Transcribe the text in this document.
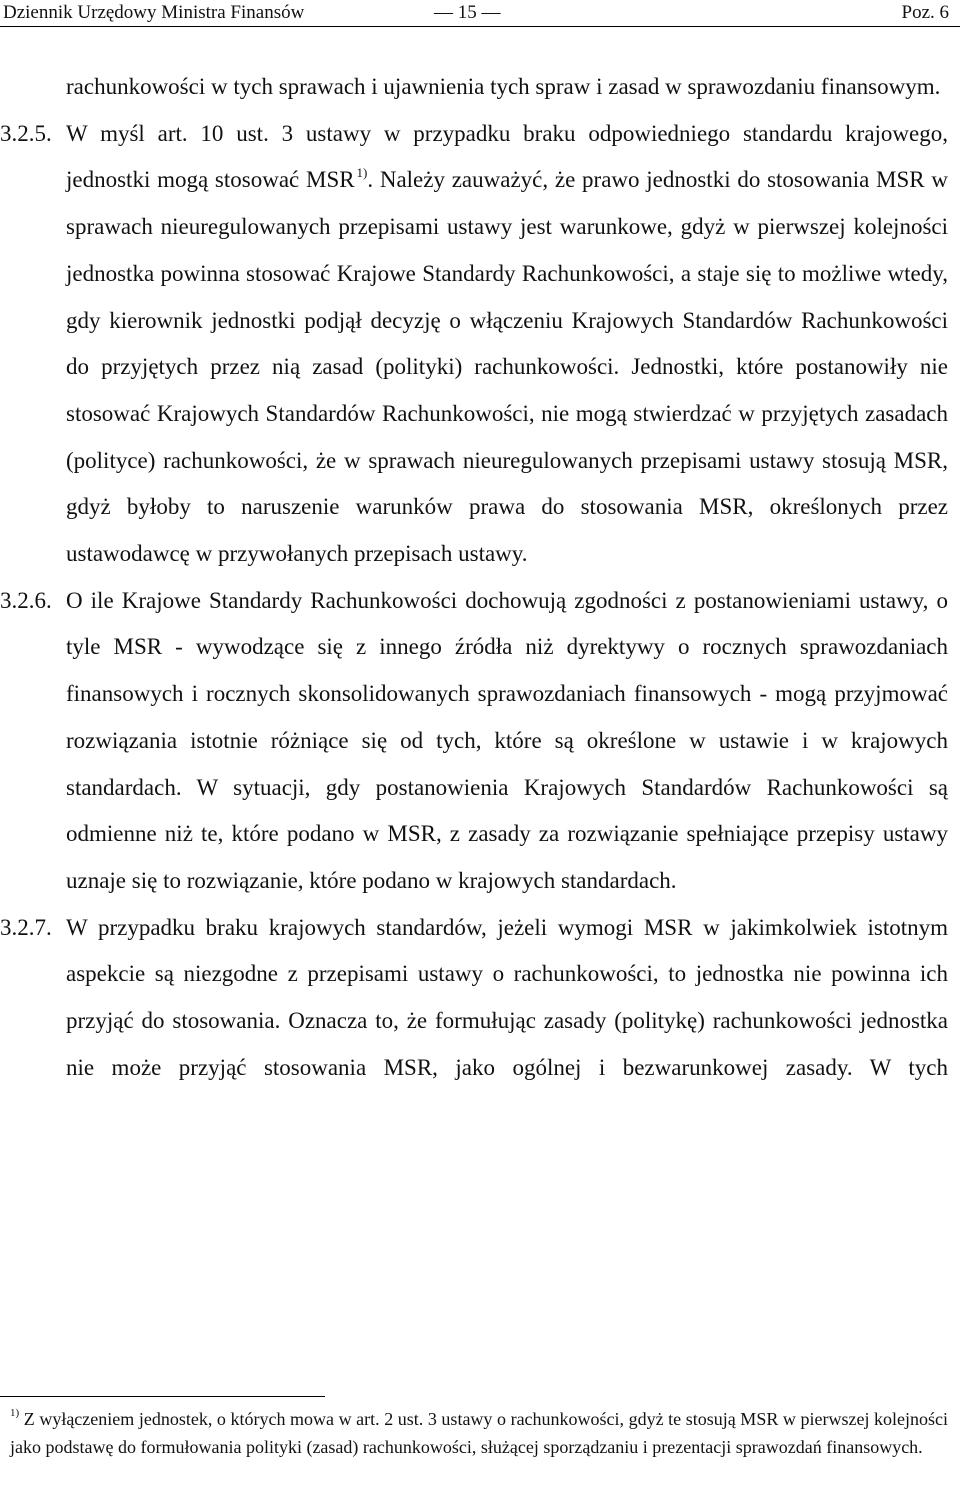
Dziennik Urzędowy Ministra Finansów	— 15 —	Poz. 6

rachunkowości w tych sprawach i ujawnienia tych spraw i zasad w sprawozdaniu finansowym.

3.2.5. W myśl art. 10 ust. 3 ustawy w przypadku braku odpowiedniego standardu krajowego, jednostki mogą stosować MSR  $^{1)}$. Należy zauważyć, że prawo jednostki do stosowania MSR w sprawach nieuregulowanych przepisami ustawy jest warunkowe, gdyż w pierwszej kolejności jednostka powinna stosować Krajowe Standardy Rachunkowości, a staje się to możliwe wtedy, gdy kierownik jednostki podjął decyzję o włączeniu Krajowych Standardów Rachunkowości do przyjętych przez nią zasad (polityki) rachunkowości. Jednostki, które postanowiły nie stosować Krajowych Standardów Rachunkowości, nie mogą stwierdzać w przyjętych zasadach (polityce) rachunkowości, że w sprawach nieuregulowanych przepisami ustawy stosują MSR, gdyż byłoby to naruszenie warunków prawa do stosowania MSR, określonych przez ustawodawcę w przywołanych przepisach ustawy.

3.2.6. O ile Krajowe Standardy Rachunkowości dochowują zgodności z postanowieniami ustawy, o tyle MSR - wywodzące się z innego źródła niż dyrektywy o rocznych sprawozdaniach finansowych i rocznych skonsolidowanych sprawozdaniach finansowych - mogą przyjmować rozwiązania istotnie różniące się od tych, które są określone w ustawie i w krajowych standardach. W sytuacji, gdy postanowienia Krajowych Standardów Rachunkowości są odmienne niż te, które podano w MSR, z zasady za rozwiązanie spełniające przepisy ustawy uznaje się to rozwiązanie, które podano w krajowych standardach.

3.2.7. W przypadku braku krajowych standardów, jeżeli wymogi MSR w jakimkolwiek istotnym aspekcie są niezgodne z przepisami ustawy o rachunkowości, to jednostka nie powinna ich przyjąć do stosowania. Oznacza to, że formułując zasady (politykę) rachunkowości jednostka nie może przyjąć stosowania MSR, jako ogólnej i bezwarunkowej zasady. W tych

$^{1)}$ Z wyłączeniem jednostek, o których mowa w art. 2 ust. 3 ustawy o rachunkowości, gdyż te stosują MSR w pierwszej kolejności jako podstawę do formułowania polityki (zasad) rachunkowości, służącej sporządzaniu i prezentacji sprawozdań finansowych.
